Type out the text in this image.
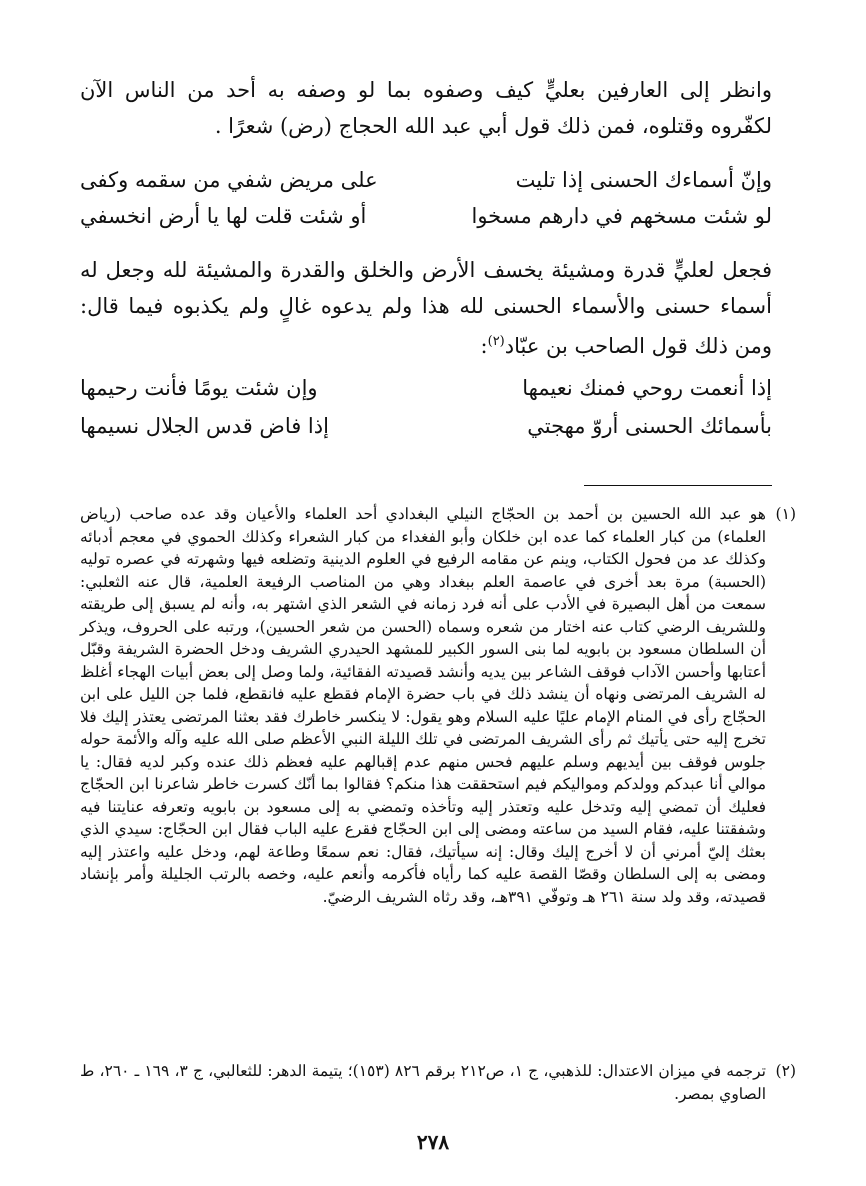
وانظر إلى العارفين بعليٍّ كيف وصفوه بما لو وصفه به أحد من الناس الآن لكفّروه وقتلوه، فمن ذلك قول أبي عبد الله الحجاج (رض) شعرًا .
وإنّ أسماءك الحسنى إذا تليت
على مريض شفي من سقمه وكفى
لو شئت مسخهم في دارهم مسخوا
أو شئت قلت لها يا أرض انخسفي
فجعل لعليٍّ قدرة ومشيئة يخسف الأرض والخلق والقدرة والمشيئة لله وجعل له أسماء حسنى والأسماء الحسنى لله هذا ولم يدعوه غالٍ ولم يكذبوه فيما قال: ومن ذلك قول الصاحب بن عبّاد$^{(٢)}$:
إذا أنعمت روحي فمنك نعيمها
وإن شئت يومًا فأنت رحيمها
بأسمائك الحسنى أروّ مهجتي
إذا فاض قدس الجلال نسيمها
(١)
هو عبد الله الحسين بن أحمد بن الحجّاج النيلي البغدادي أحد العلماء والأعيان وقد عده صاحب (رياض العلماء) من كبار العلماء كما عده ابن خلكان وأبو الفغداء من كبار الشعراء وكذلك الحموي في معجم أدبائه وكذلك عد من فحول الكتاب، وينم عن مقامه الرفيع في العلوم الدينية وتضلعه فيها وشهرته في عصره توليه (الحسبة) مرة بعد أخرى في عاصمة العلم ببغداد وهي من المناصب الرفيعة العلمية، قال عنه الثعلبي: سمعت من أهل البصيرة في الأدب على أنه فرد زمانه في الشعر الذي اشتهر به، وأنه لم يسبق إلى طريقته وللشريف الرضي كتاب عنه اختار من شعره وسماه (الحسن من شعر الحسين)، ورتبه على الحروف، ويذكر أن السلطان مسعود بن بابويه لما بنى السور الكبير للمشهد الحيدري الشريف ودخل الحضرة الشريفة وقبّل أعتابها وأحسن الآداب فوقف الشاعر بين يديه وأنشد قصيدته الفقائية، ولما وصل إلى بعض أبيات الهجاء أغلظ له الشريف المرتضى ونهاه أن ينشد ذلك في باب حضرة الإمام فقطع عليه فانقطع، فلما جن الليل على ابن الحجّاج رأى في المنام الإمام عليًا عليه السلام وهو يقول: لا ينكسر خاطرك فقد بعثنا المرتضى يعتذر إليك فلا تخرج إليه حتى يأتيك ثم رأى الشريف المرتضى في تلك الليلة النبي الأعظم صلى الله عليه وآله والأئمة حوله جلوس فوقف بين أيديهم وسلم عليهم فحس منهم عدم إقبالهم عليه فعظم ذلك عنده وكبر لديه فقال: يا موالي أنا عبدكم وولدكم ومواليكم فيم استحققت هذا منكم؟ فقالوا بما أنّك كسرت خاطر شاعرنا ابن الحجّاج فعليك أن تمضي إليه وتدخل عليه وتعتذر إليه وتأخذه وتمضي به إلى مسعود بن بابويه وتعرفه عنايتنا فيه وشفقتنا عليه، فقام السيد من ساعته ومضى إلى ابن الحجّاج فقرع عليه الباب فقال ابن الحجّاج: سيدي الذي بعثك إليّ أمرني أن لا أخرج إليك وقال: إنه سيأتيك، فقال: نعم سمعًا وطاعة لهم، ودخل عليه واعتذر إليه ومضى به إلى السلطان وقصّا القصة عليه كما رأياه فأكرمه وأنعم عليه، وخصه بالرتب الجليلة وأمر بإنشاد قصيدته، وقد ولد سنة ٢٦١ هـ وتوفّي ٣٩١هـ، وقد رثاه الشريف الرضيّ.
(٢)
ترجمه في ميزان الاعتدال: للذهبي، ج ١، ص٢١٢ برقم ٨٢٦ (١٥٣)؛ يتيمة الدهر: للثعالبي، ج ٣، ١٦٩ ـ ٢٦٠، ط الصاوي بمصر.
٢٧٨
